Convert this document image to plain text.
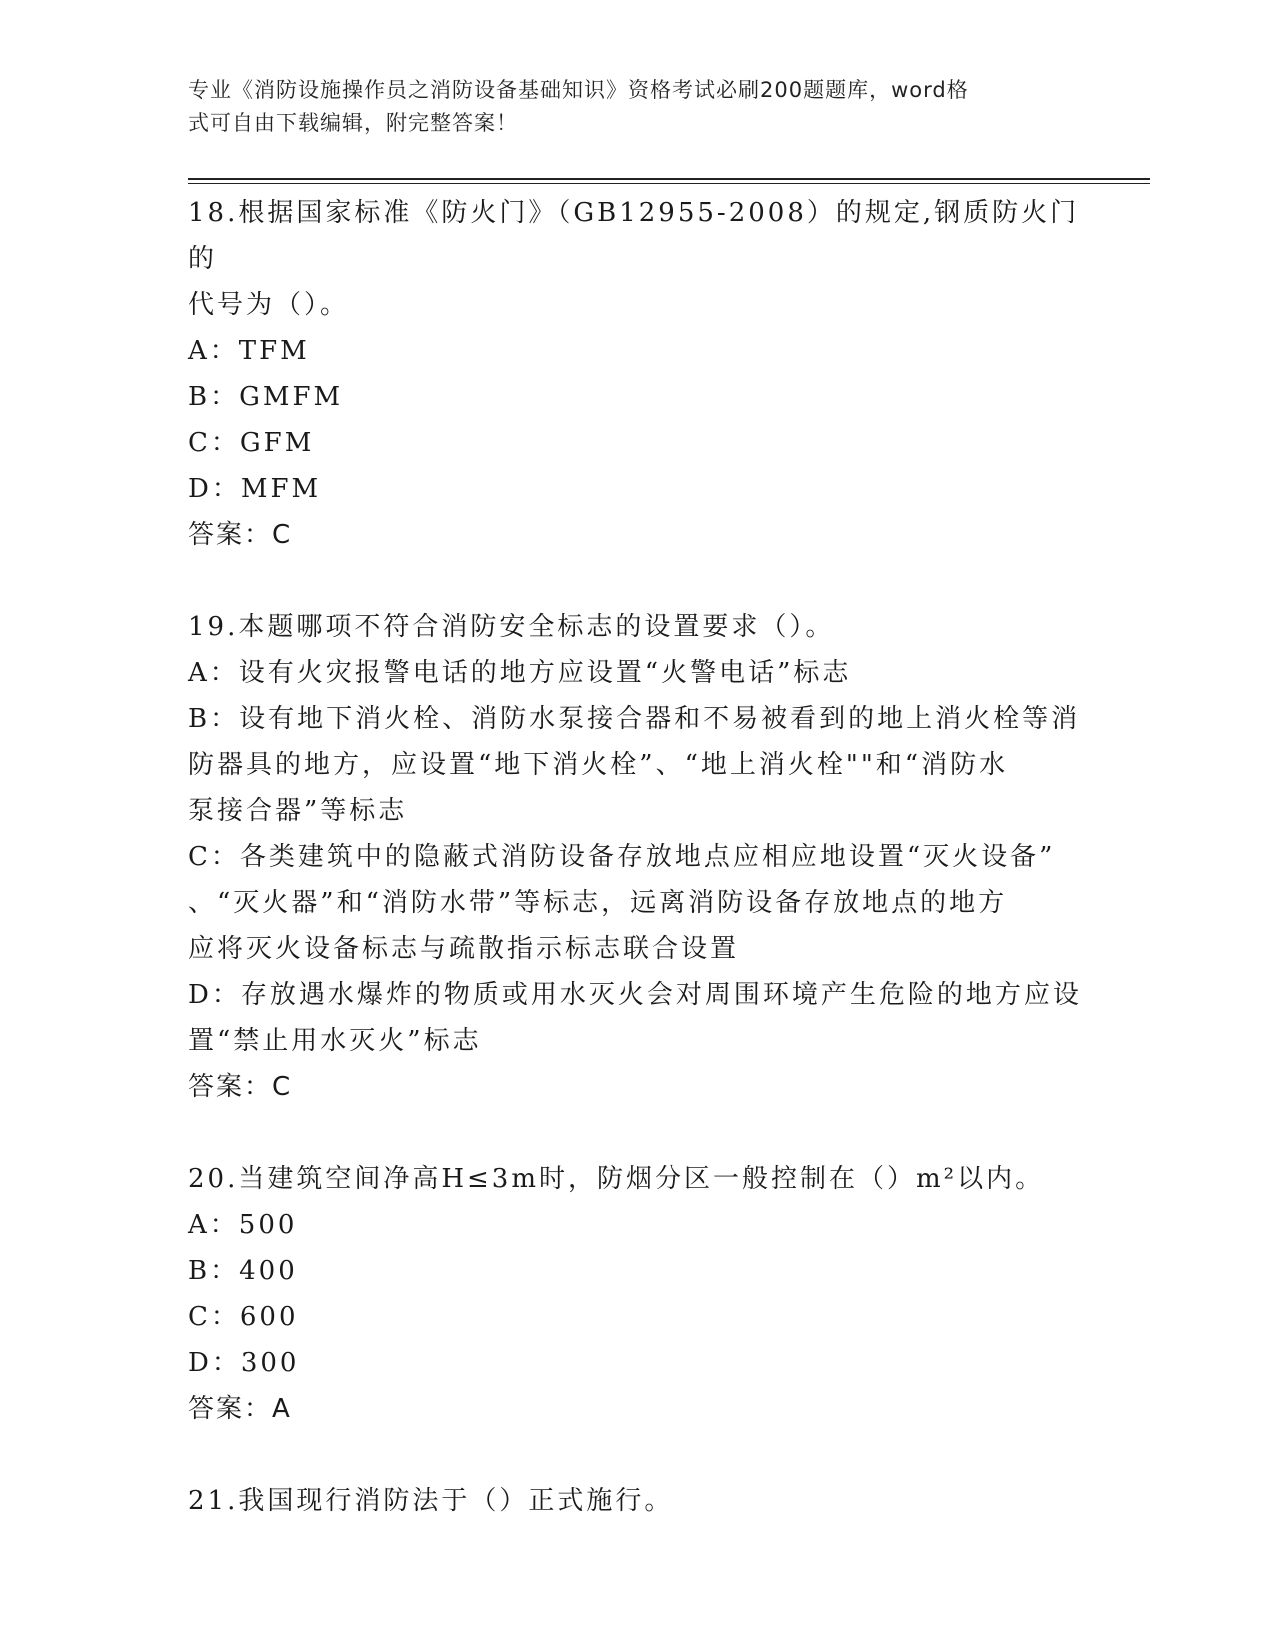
专业《消防设施操作员之消防设备基础知识》资格考试必刷200题题库，word格
式可自由下载编辑，附完整答案！

18.根据国家标准《防火门》（GB12955-2008）的规定,钢质防火门的

代号为（）。

A：TFM

B：GMFM

C：GFM

D：MFM

答案：C

19.本题哪项不符合消防安全标志的设置要求（）。

A：设有火灾报警电话的地方应设置“火警电话”标志

B：设有地下消火栓、消防水泵接合器和不易被看到的地上消火栓等消

防器具的地方，应设置“地下消火栓”、“地上消火栓""和“消防水

泵接合器”等标志

C：各类建筑中的隐蔽式消防设备存放地点应相应地设置“灭火设备”

、“灭火器”和“消防水带”等标志，远离消防设备存放地点的地方

应将灭火设备标志与疏散指示标志联合设置

D：存放遇水爆炸的物质或用水灭火会对周围环境产生危险的地方应设

置“禁止用水灭火”标志

答案：C

20.当建筑空间净高H≤3m时，防烟分区一般控制在（）m²以内。

A：500

B：400

C：600

D：300

答案：A

21.我国现行消防法于（）正式施行。
